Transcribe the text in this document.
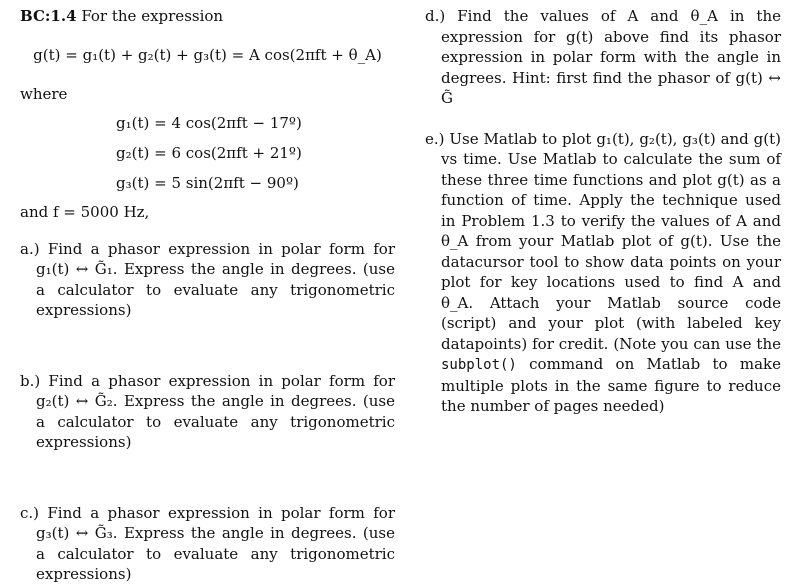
BC:1.4 For the expression

g(t) = g₁(t) + g₂(t) + g₃(t) = A cos(2πft + θ_A)
where
g₁(t) = 4 cos(2πft − 17º)
g₂(t) = 6 cos(2πft + 21º)
g₃(t) = 5 sin(2πft − 90º)
and f = 5000 Hz,
a.) Find a phasor expression in polar form for g₁(t) ↔ G̃₁. Express the angle in degrees. (use a calculator to evaluate any trigonometric expressions)
b.) Find a phasor expression in polar form for g₂(t) ↔ G̃₂. Express the angle in degrees. (use a calculator to evaluate any trigonometric expressions)
c.) Find a phasor expression in polar form for g₃(t) ↔ G̃₃. Express the angle in degrees. (use a calculator to evaluate any trigonometric expressions)
d.) Find the values of A and θ_A in the expression for g(t) above find its phasor expression in polar form with the angle in degrees. Hint: first find the phasor of g(t) ↔ G̃
e.) Use Matlab to plot g₁(t), g₂(t), g₃(t) and g(t) vs time. Use Matlab to calculate the sum of these three time functions and plot g(t) as a function of time. Apply the technique used in Problem 1.3 to verify the values of A and θ_A from your Matlab plot of g(t). Use the datacursor tool to show data points on your plot for key locations used to find A and θ_A. Attach your Matlab source code (script) and your plot (with labeled key datapoints) for credit. (Note you can use the subplot() command on Matlab to make multiple plots in the same figure to reduce the number of pages needed)
